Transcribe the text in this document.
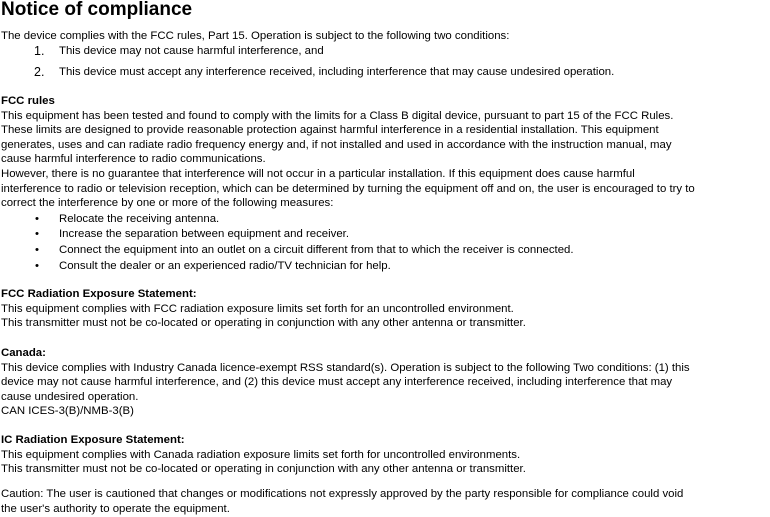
Notice of compliance

The device complies with the FCC rules, Part 15. Operation is subject to the following two conditions:

1. This device may not cause harmful interference, and
2. This device must accept any interference received, including interference that may cause undesired operation.

FCC rules

This equipment has been tested and found to comply with the limits for a Class B digital device, pursuant to part 15 of the FCC Rules.

These limits are designed to provide reasonable protection against harmful interference in a residential installation. This equipment

generates, uses and can radiate radio frequency energy and, if not installed and used in accordance with the instruction manual, may

cause harmful interference to radio communications.

However, there is no guarantee that interference will not occur in a particular installation. If this equipment does cause harmful

interference to radio or television reception, which can be determined by turning the equipment off and on, the user is encouraged to try to

correct the interference by one or more of the following measures:

• Relocate the receiving antenna.
• Increase the separation between equipment and receiver.
• Connect the equipment into an outlet on a circuit different from that to which the receiver is connected.
• Consult the dealer or an experienced radio/TV technician for help.

FCC Radiation Exposure Statement:

This equipment complies with FCC radiation exposure limits set forth for an uncontrolled environment.

This transmitter must not be co-located or operating in conjunction with any other antenna or transmitter.

Canada:

This device complies with Industry Canada licence-exempt RSS standard(s). Operation is subject to the following Two conditions: (1) this

device may not cause harmful interference, and (2) this device must accept any interference received, including interference that may

cause undesired operation.

CAN ICES-3(B)/NMB-3(B)

IC Radiation Exposure Statement:

This equipment complies with Canada radiation exposure limits set forth for uncontrolled environments.

This transmitter must not be co-located or operating in conjunction with any other antenna or transmitter.

Caution: The user is cautioned that changes or modifications not expressly approved by the party responsible for compliance could void

the user's authority to operate the equipment.
